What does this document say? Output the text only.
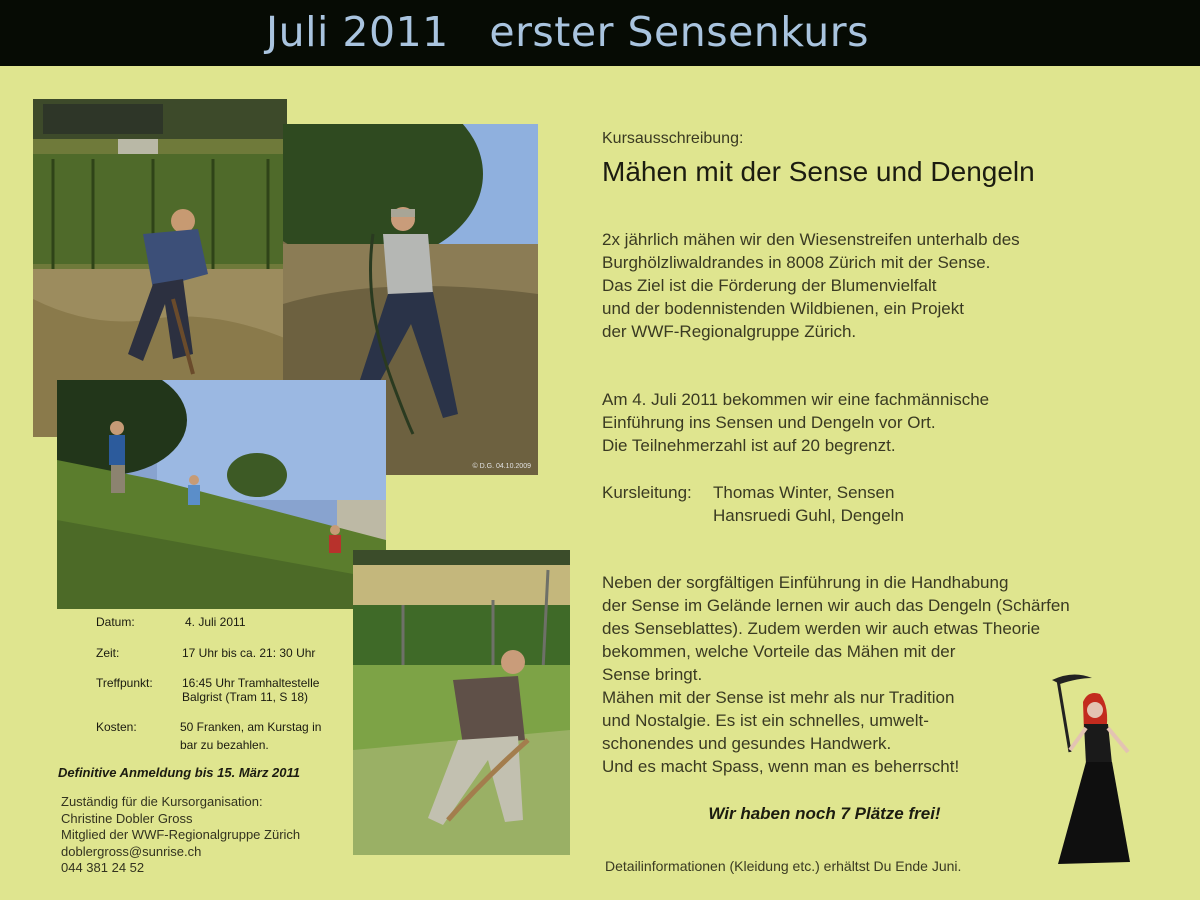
Juli 2011   erster Sensenkurs
© D.G. 04.10.2009
Datum:	4. Juli 2011
Zeit:	17 Uhr bis ca. 21: 30 Uhr
Treffpunkt: 16:45 Uhr Tramhaltestelle
Balgrist (Tram 11, S 18)
Kosten:	50 Franken, am Kurstag in
bar zu bezahlen.
Definitive Anmeldung bis 15. März 2011
Zuständig für die Kursorganisation:
Christine Dobler Gross
Mitglied der WWF-Regionalgruppe Zürich
doblergross@sunrise.ch
044 381 24 52
Kursausschreibung:
Mähen mit der Sense und Dengeln
2x jährlich mähen wir den Wiesenstreifen unterhalb des
Burghölzliwaldrandes in 8008 Zürich mit der Sense.
Das Ziel ist die Förderung der Blumenvielfalt
und der bodennistenden Wildbienen, ein Projekt
der WWF-Regionalgruppe Zürich.
Am 4. Juli 2011 bekommen wir eine fachmännische
Einführung ins Sensen und Dengeln vor Ort.
Die Teilnehmerzahl ist auf 20 begrenzt.
Kursleitung: Thomas Winter, Sensen
Hansruedi Guhl, Dengeln
Neben der sorgfältigen Einführung in die Handhabung
der Sense im Gelände lernen wir auch das Dengeln (Schärfen
des Senseblattes). Zudem werden wir auch etwas Theorie
bekommen, welche Vorteile das Mähen mit der
Sense bringt.
Mähen mit der Sense ist mehr als nur Tradition
und Nostalgie. Es ist ein schnelles, umwelt-
schonendes und gesundes Handwerk.
Und es macht Spass, wenn man es beherrscht!
Wir haben noch 7 Plätze frei!
Detailinformationen (Kleidung etc.) erhältst Du Ende Juni.
